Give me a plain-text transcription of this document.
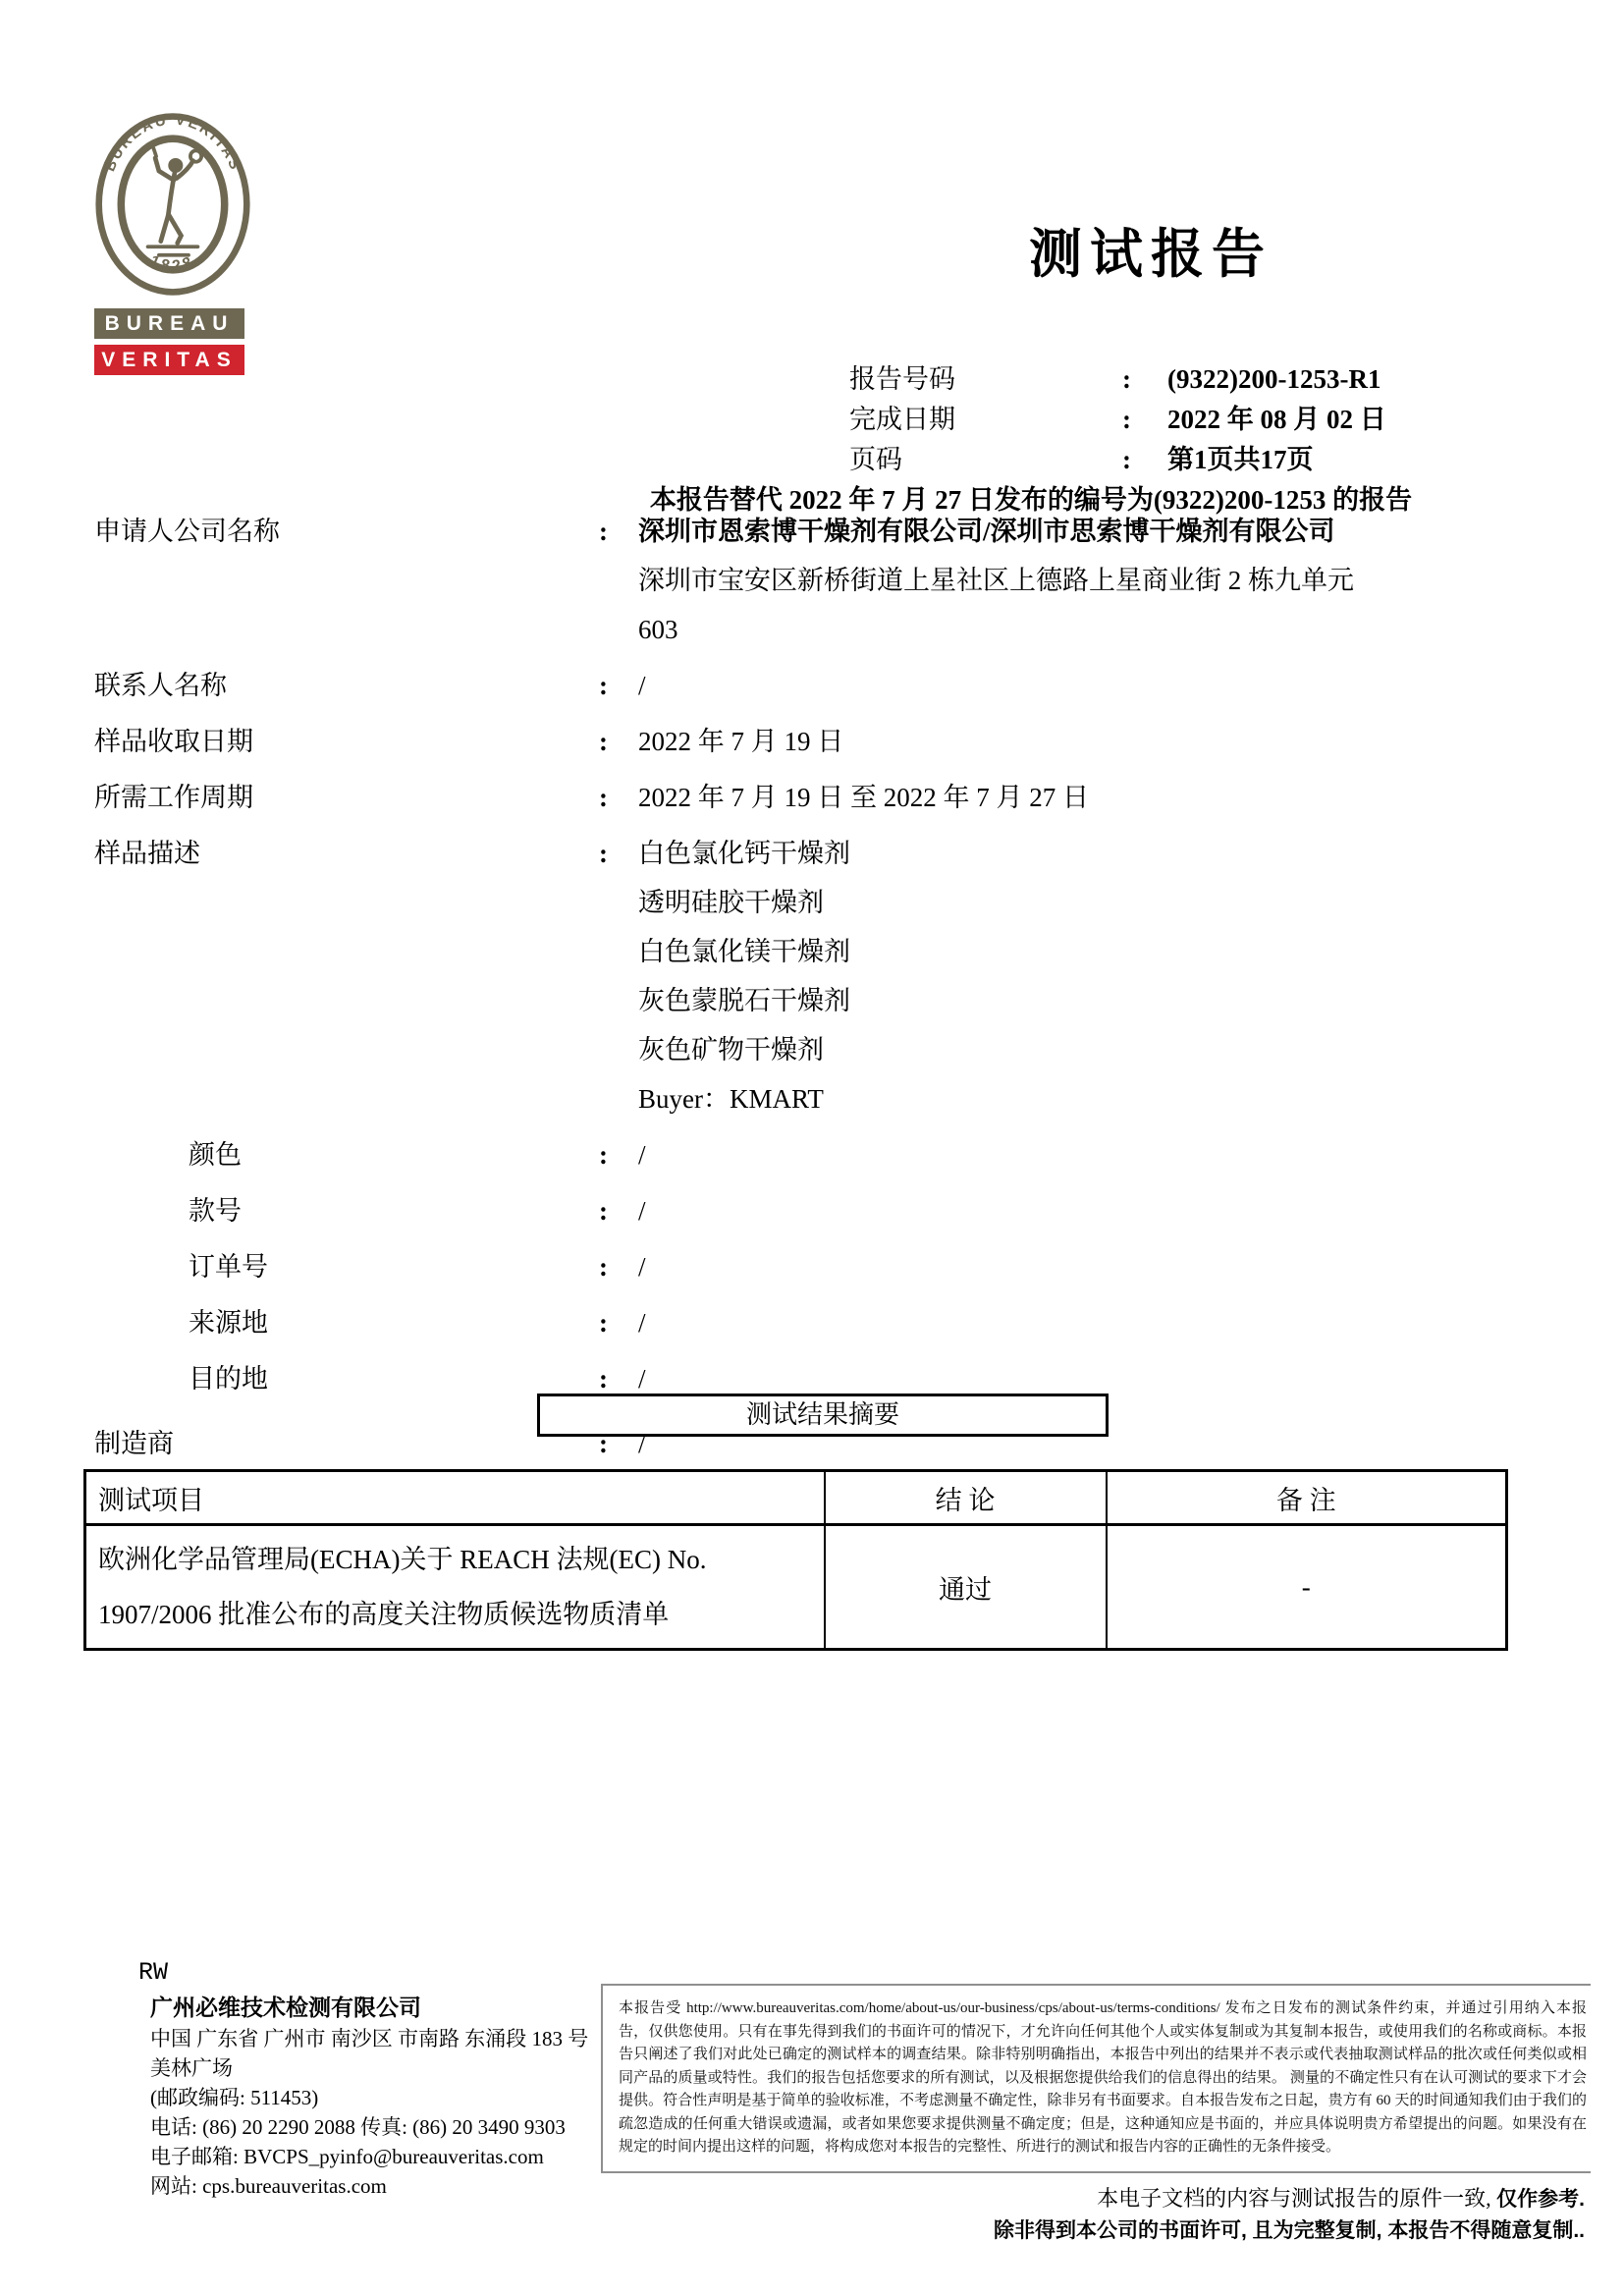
BUREAU VERITAS
1828
BUREAU
VERITAS
测试报告
报告号码	:	(9322)200-1253-R1
完成日期	:	2022 年 08 月 02 日
页码	:	第1页共17页
本报告替代 2022 年 7 月 27 日发布的编号为(9322)200-1253 的报告
申请人公司名称	:	深圳市恩索博干燥剂有限公司/深圳市思索博干燥剂有限公司
深圳市宝安区新桥街道上星社区上德路上星商业街 2 栋九单元
603
联系人名称	:	/
样品收取日期	:	2022 年 7 月 19 日
所需工作周期	:	2022 年 7 月 19 日 至 2022 年 7 月 27 日
样品描述	:	白色氯化钙干燥剂
透明硅胶干燥剂
白色氯化镁干燥剂
灰色蒙脱石干燥剂
灰色矿物干燥剂
Buyer：KMART
颜色	:	/
款号	:	/
订单号	:	/
来源地	:	/
目的地	:	/
制造商	:	/
测试结果摘要
测试项目	结 论	备 注
欧洲化学品管理局(ECHA)关于 REACH 法规(EC) No. 1907/2006 批准公布的高度关注物质候选物质清单	通过	-
RW
广州必维技术检测有限公司
中国 广东省 广州市 南沙区 市南路 东涌段 183 号 美林广场
(邮政编码: 511453)
电话: (86) 20 2290 2088 传真: (86) 20 3490 9303
电子邮箱: BVCPS_pyinfo@bureauveritas.com
网站: cps.bureauveritas.com
本报告受 http://www.bureauveritas.com/home/about-us/our-business/cps/about-us/terms-conditions/ 发布之日发布的测试条件约束，并通过引用纳入本报告，仅供您使用。只有在事先得到我们的书面许可的情况下，才允许向任何其他个人或实体复制或为其复制本报告，或使用我们的名称或商标。本报告只阐述了我们对此处已确定的测试样本的调查结果。除非特别明确指出，本报告中列出的结果并不表示或代表抽取测试样品的批次或任何类似或相同产品的质量或特性。我们的报告包括您要求的所有测试，以及根据您提供给我们的信息得出的结果。 测量的不确定性只有在认可测试的要求下才会提供。符合性声明是基于简单的验收标准，不考虑测量不确定性，除非另有书面要求。自本报告发布之日起，贵方有 60 天的时间通知我们由于我们的疏忽造成的任何重大错误或遗漏，或者如果您要求提供测量不确定度；但是，这种通知应是书面的，并应具体说明贵方希望提出的问题。如果没有在规定的时间内提出这样的问题，将构成您对本报告的完整性、所进行的测试和报告内容的正确性的无条件接受。
本电子文档的内容与测试报告的原件一致, 仅作参考.
除非得到本公司的书面许可, 且为完整复制, 本报告不得随意复制..
